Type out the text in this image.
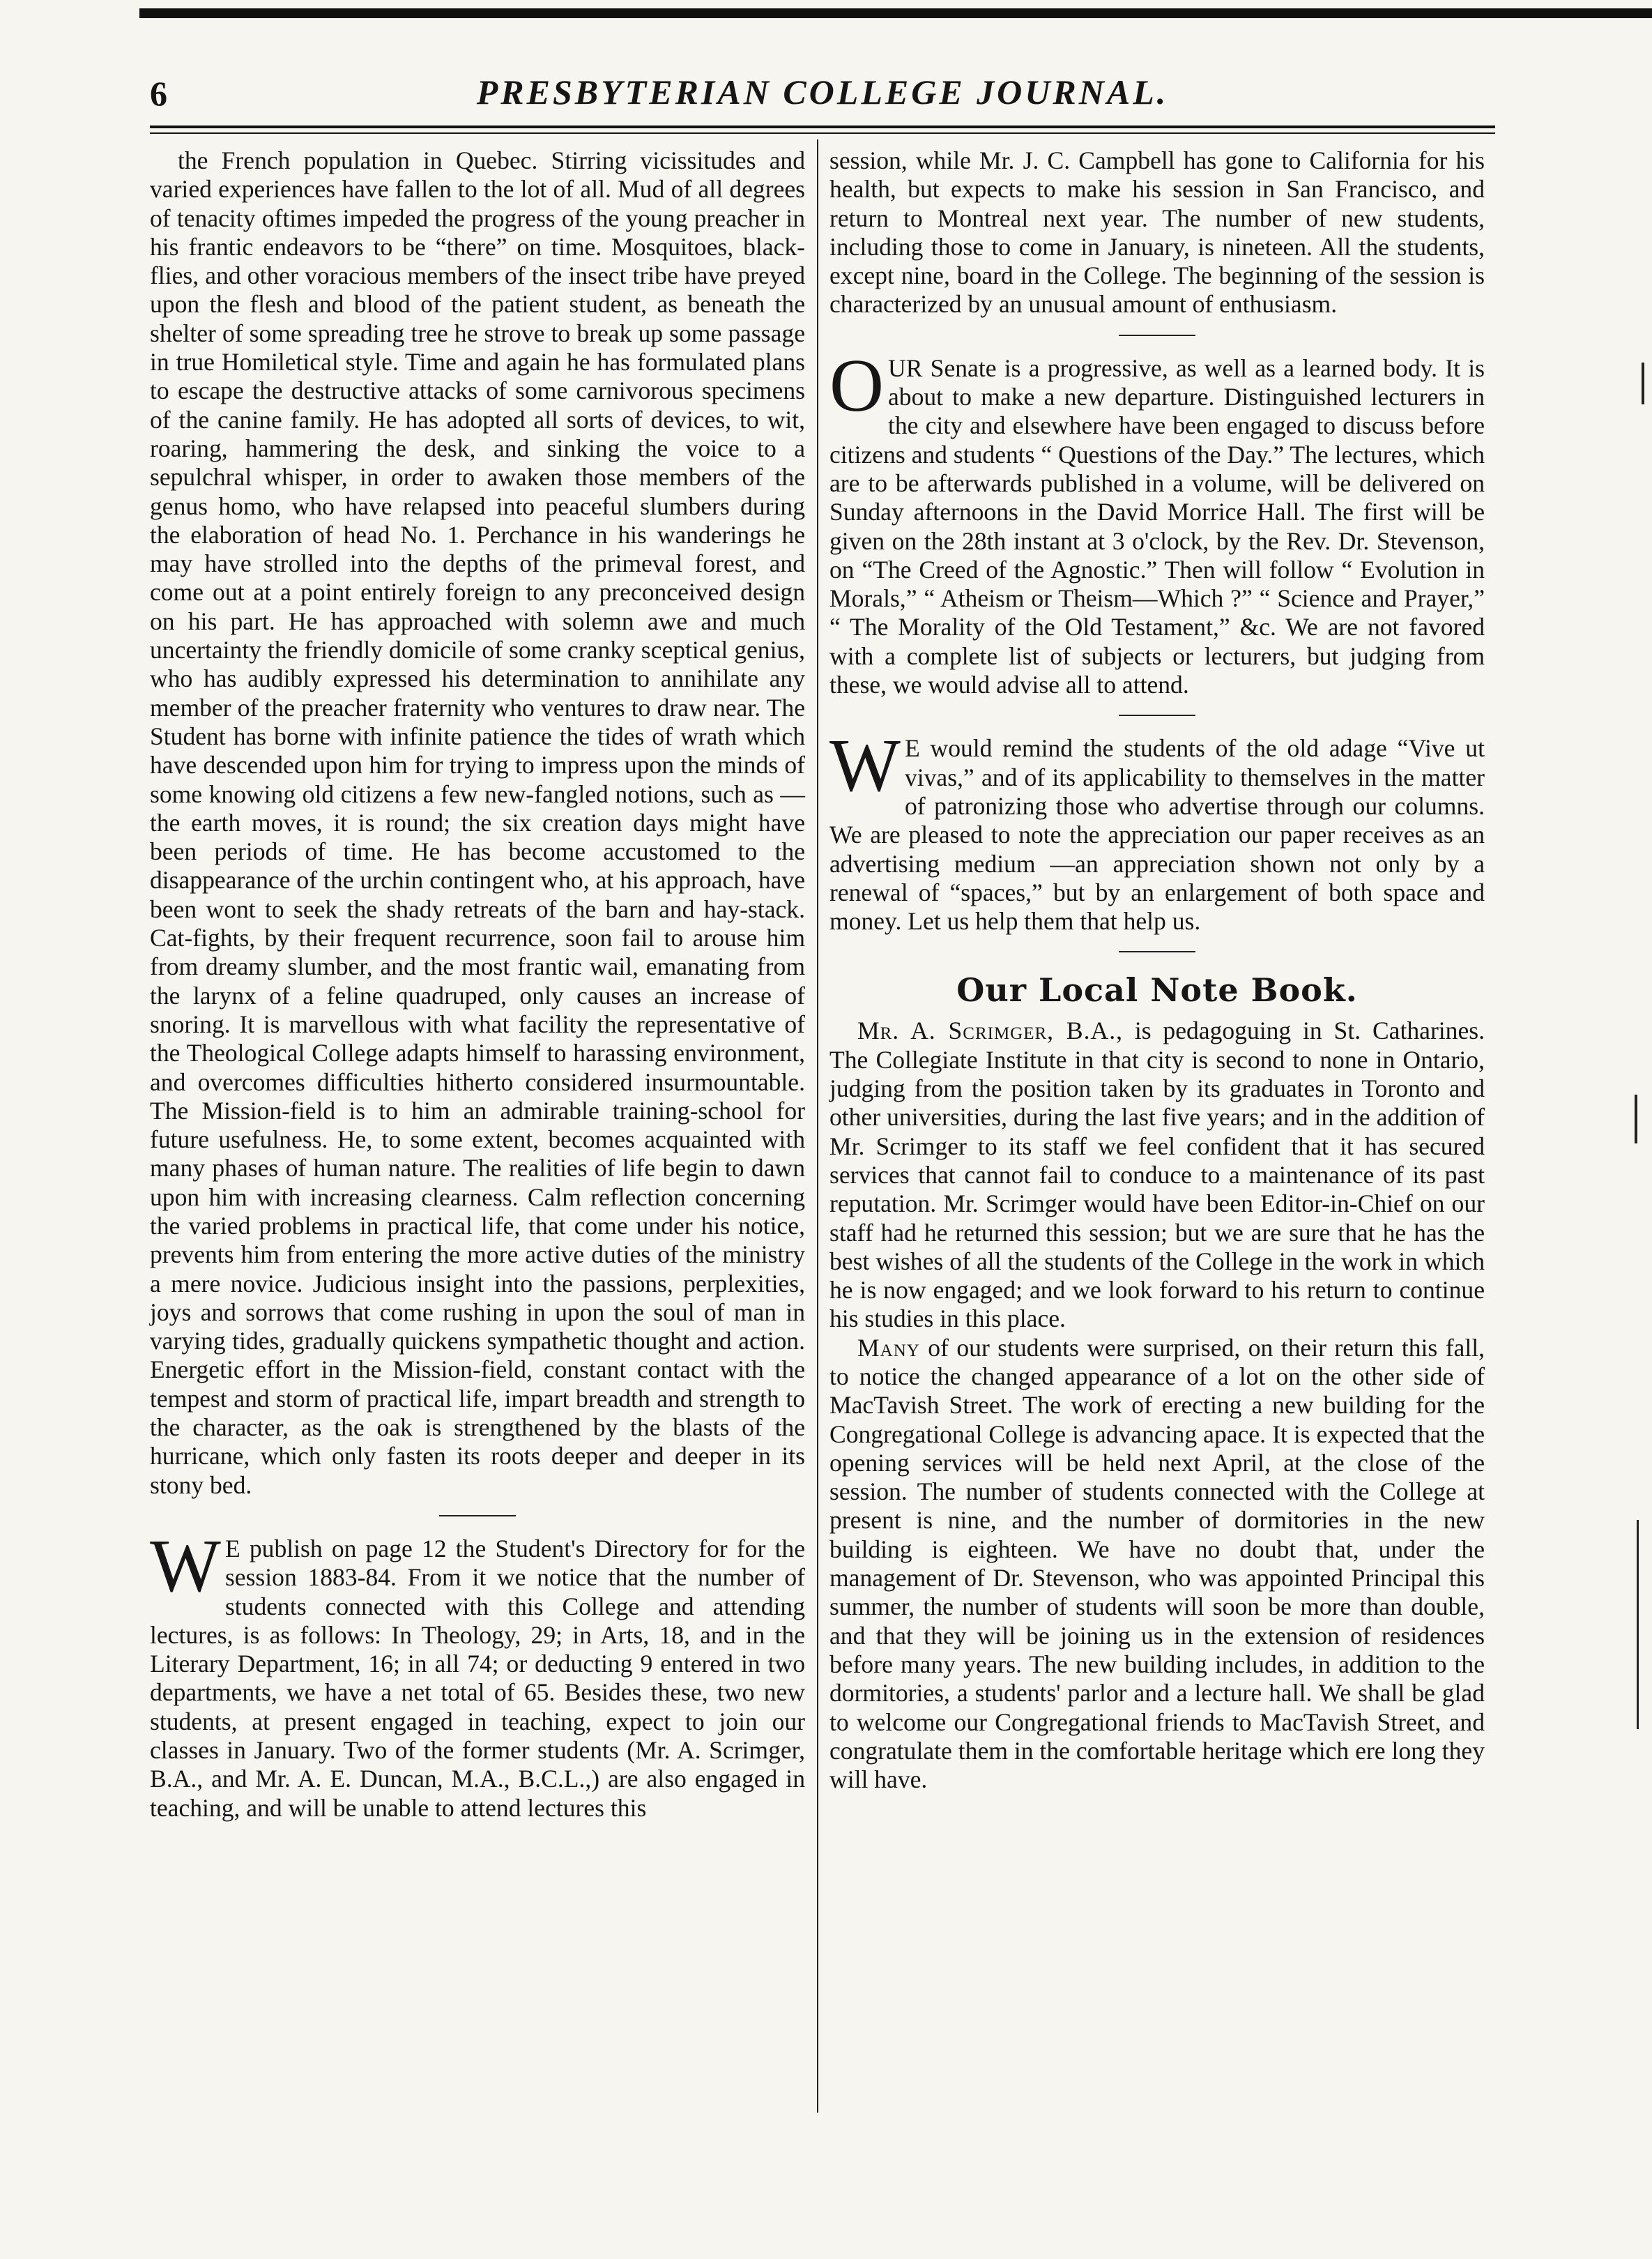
6	PRESBYTERIAN COLLEGE JOURNAL.

the French population in Quebec. Stirring vicissitudes and varied experiences have fallen to the lot of all. Mud of all degrees of tenacity oftimes impeded the progress of the young preacher in his frantic endeavors to be “there” on time. Mosquitoes, black-flies, and other voracious members of the insect tribe have preyed upon the flesh and blood of the patient student, as beneath the shelter of some spreading tree he strove to break up some passage in true Homiletical style. Time and again he has formulated plans to escape the destructive attacks of some carnivorous specimens of the canine family. He has adopted all sorts of devices, to wit, roaring, hammering the desk, and sinking the voice to a sepulchral whisper, in order to awaken those members of the genus homo, who have relapsed into peaceful slumbers during the elaboration of head No. 1. Perchance in his wanderings he may have strolled into the depths of the primeval forest, and come out at a point entirely foreign to any preconceived design on his part. He has approached with solemn awe and much uncertainty the friendly domicile of some cranky sceptical genius, who has audibly expressed his determination to annihilate any member of the preacher fraternity who ventures to draw near. The Student has borne with infinite patience the tides of wrath which have descended upon him for trying to impress upon the minds of some knowing old citizens a few new-fangled notions, such as —the earth moves, it is round; the six creation days might have been periods of time. He has become accustomed to the disappearance of the urchin contingent who, at his approach, have been wont to seek the shady retreats of the barn and hay-stack. Cat-fights, by their frequent recurrence, soon fail to arouse him from dreamy slumber, and the most frantic wail, emanating from the larynx of a feline quadruped, only causes an increase of snoring. It is marvellous with what facility the representative of the Theological College adapts himself to harassing environment, and overcomes difficulties hitherto considered insurmountable. The Mission-field is to him an admirable training-school for future usefulness. He, to some extent, becomes acquainted with many phases of human nature. The realities of life begin to dawn upon him with increasing clearness. Calm reflection concerning the varied problems in practical life, that come under his notice, prevents him from entering the more active duties of the ministry a mere novice. Judicious insight into the passions, perplexities, joys and sorrows that come rushing in upon the soul of man in varying tides, gradually quickens sympathetic thought and action. Energetic effort in the Mission-field, constant contact with the tempest and storm of practical life, impart breadth and strength to the character, as the oak is strengthened by the blasts of the hurricane, which only fasten its roots deeper and deeper in its stony bed.

W E publish on page 12 the Student's Directory for for the session 1883-84. From it we notice that the number of students connected with this College and attending lectures, is as follows: In Theology, 29; in Arts, 18, and in the Literary Department, 16; in all 74; or deducting 9 entered in two departments, we have a net total of 65. Besides these, two new students, at present engaged in teaching, expect to join our classes in January. Two of the former students (Mr. A. Scrimger, B.A., and Mr. A. E. Duncan, M.A., B.C.L.,) are also engaged in teaching, and will be unable to attend lectures this

session, while Mr. J. C. Campbell has gone to California for his health, but expects to make his session in San Francisco, and return to Montreal next year. The number of new students, including those to come in January, is nineteen. All the students, except nine, board in the College. The beginning of the session is characterized by an unusual amount of enthusiasm.

OUR Senate is a progressive, as well as a learned body. It is about to make a new departure. Distinguished lecturers in the city and elsewhere have been engaged to discuss before citizens and students “ Questions of the Day.” The lectures, which are to be afterwards published in a volume, will be delivered on Sunday afternoons in the David Morrice Hall. The first will be given on the 28th instant at 3 o'clock, by the Rev. Dr. Stevenson, on “The Creed of the Agnostic.” Then will follow “ Evolution in Morals,” “ Atheism or Theism—Which ?” “ Science and Prayer,” “ The Morality of the Old Testament,” &c. We are not favored with a complete list of subjects or lecturers, but judging from these, we would advise all to attend.

W E would remind the students of the old adage “Vive ut vivas,” and of its applicability to themselves in the matter of patronizing those who advertise through our columns. We are pleased to note the appreciation our paper receives as an advertising medium —an appreciation shown not only by a renewal of “spaces,” but by an enlargement of both space and money. Let us help them that help us.

Our Local Note Book.

Mr. A. Scrimger, B.A., is pedagoguing in St. Catharines. The Collegiate Institute in that city is second to none in Ontario, judging from the position taken by its graduates in Toronto and other universities, during the last five years; and in the addition of Mr. Scrimger to its staff we feel confident that it has secured services that cannot fail to conduce to a maintenance of its past reputation. Mr. Scrimger would have been Editor-in-Chief on our staff had he returned this session; but we are sure that he has the best wishes of all the students of the College in the work in which he is now engaged; and we look forward to his return to continue his studies in this place.

Many of our students were surprised, on their return this fall, to notice the changed appearance of a lot on the other side of MacTavish Street. The work of erecting a new building for the Congregational College is advancing apace. It is expected that the opening services will be held next April, at the close of the session. The number of students connected with the College at present is nine, and the number of dormitories in the new building is eighteen. We have no doubt that, under the management of Dr. Stevenson, who was appointed Principal this summer, the number of students will soon be more than double, and that they will be joining us in the extension of residences before many years. The new building includes, in addition to the dormitories, a students' parlor and a lecture hall. We shall be glad to welcome our Congregational friends to MacTavish Street, and congratulate them in the comfortable heritage which ere long they will have.
